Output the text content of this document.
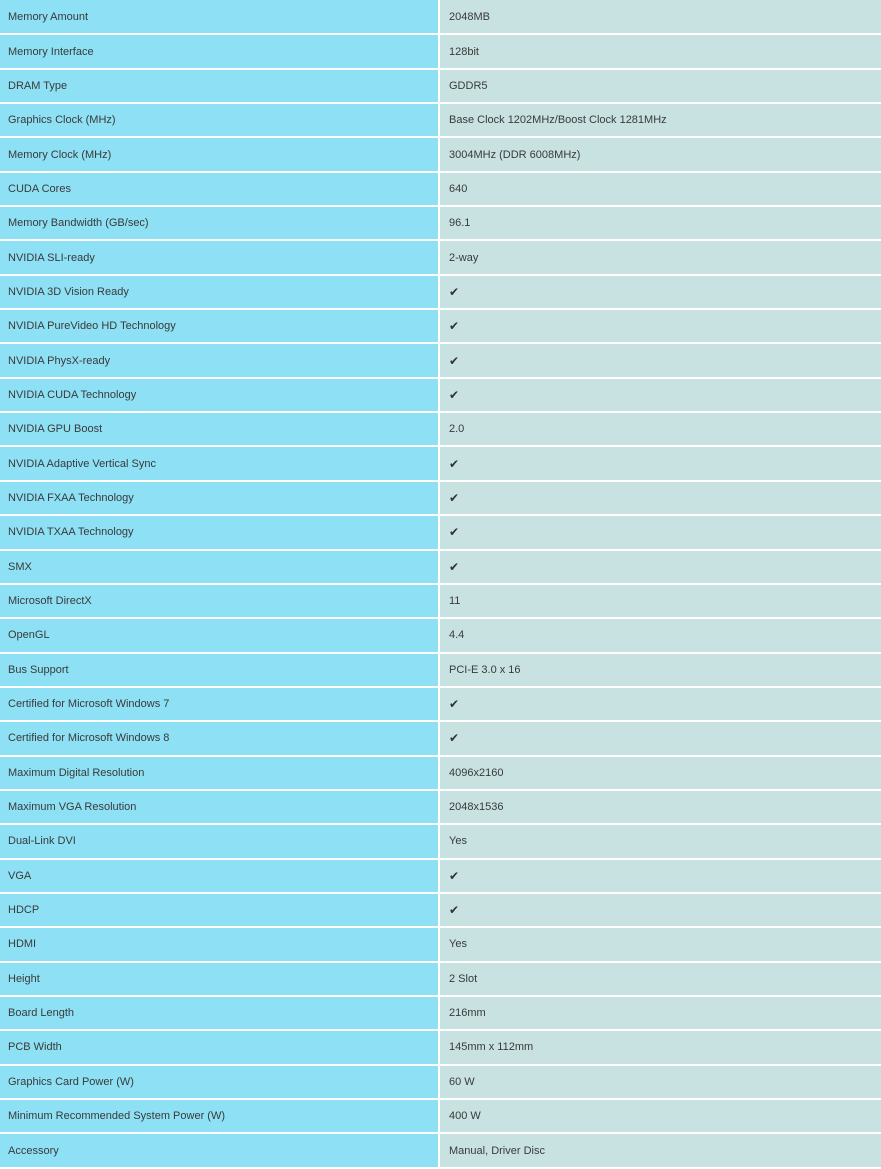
Memory Amount	2048MB
Memory Interface	128bit
DRAM Type	GDDR5
Graphics Clock (MHz)	Base Clock 1202MHz/Boost Clock 1281MHz
Memory Clock (MHz)	3004MHz (DDR 6008MHz)
CUDA Cores	640
Memory Bandwidth (GB/sec)	96.1
NVIDIA SLI-ready	2-way
NVIDIA 3D Vision Ready	✔
NVIDIA PureVideo HD Technology	✔
NVIDIA PhysX-ready	✔
NVIDIA CUDA Technology	✔
NVIDIA GPU Boost	2.0
NVIDIA Adaptive Vertical Sync	✔
NVIDIA FXAA Technology	✔
NVIDIA TXAA Technology	✔
SMX	✔
Microsoft DirectX	11
OpenGL	4.4
Bus Support	PCI-E 3.0 x 16
Certified for Microsoft Windows 7	✔
Certified for Microsoft Windows 8	✔
Maximum Digital Resolution	4096x2160
Maximum VGA Resolution	2048x1536
Dual-Link DVI	Yes
VGA	✔
HDCP	✔
HDMI	Yes
Height	2 Slot
Board Length	216mm
PCB Width	145mm x 112mm
Graphics Card Power (W)	60 W
Minimum Recommended System Power (W)	400 W
Accessory	Manual, Driver Disc
